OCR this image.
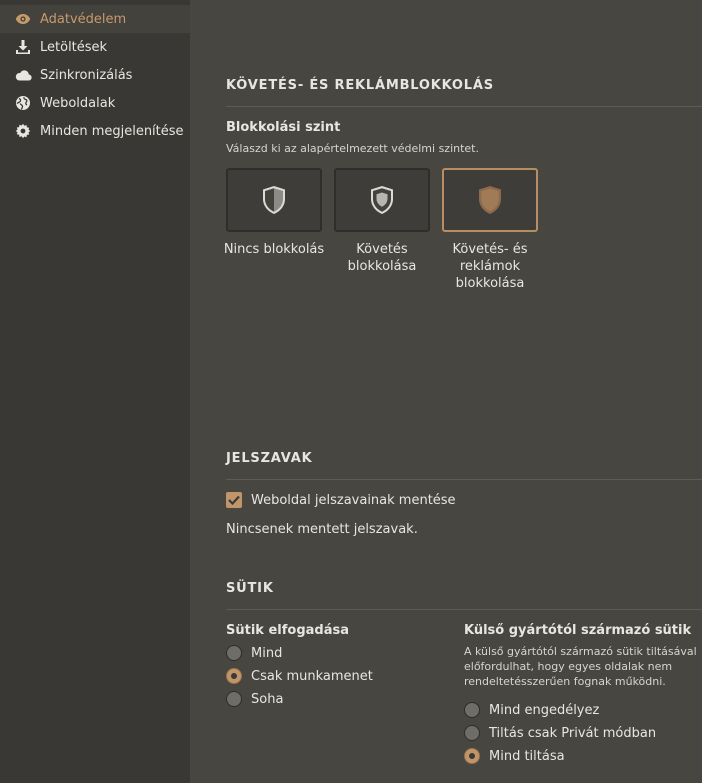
Adatvédelem
Letöltések
Szinkronizálás
Weboldalak
Minden megjelenítése
KÖVETÉS- ÉS REKLÁMBLOKKOLÁS
Blokkolási szint
Válaszd ki az alapértelmezett védelmi szintet.
Nincs blokkolás	Követés blokkolása
Követés- és reklámok blokkolása
JELSZAVAK
Weboldal jelszavainak mentése
Nincsenek mentett jelszavak.
SÜTIK
Sütik elfogadása
Mind
Csak munkamenet
Soha
Külső gyártótól származó sütik
A külső gyártótól származó sütik tiltásával előfordulhat, hogy egyes oldalak nem rendeltetésszerűen fognak működni.
Mind engedélyez
Tiltás csak Privát módban
Mind tiltása
